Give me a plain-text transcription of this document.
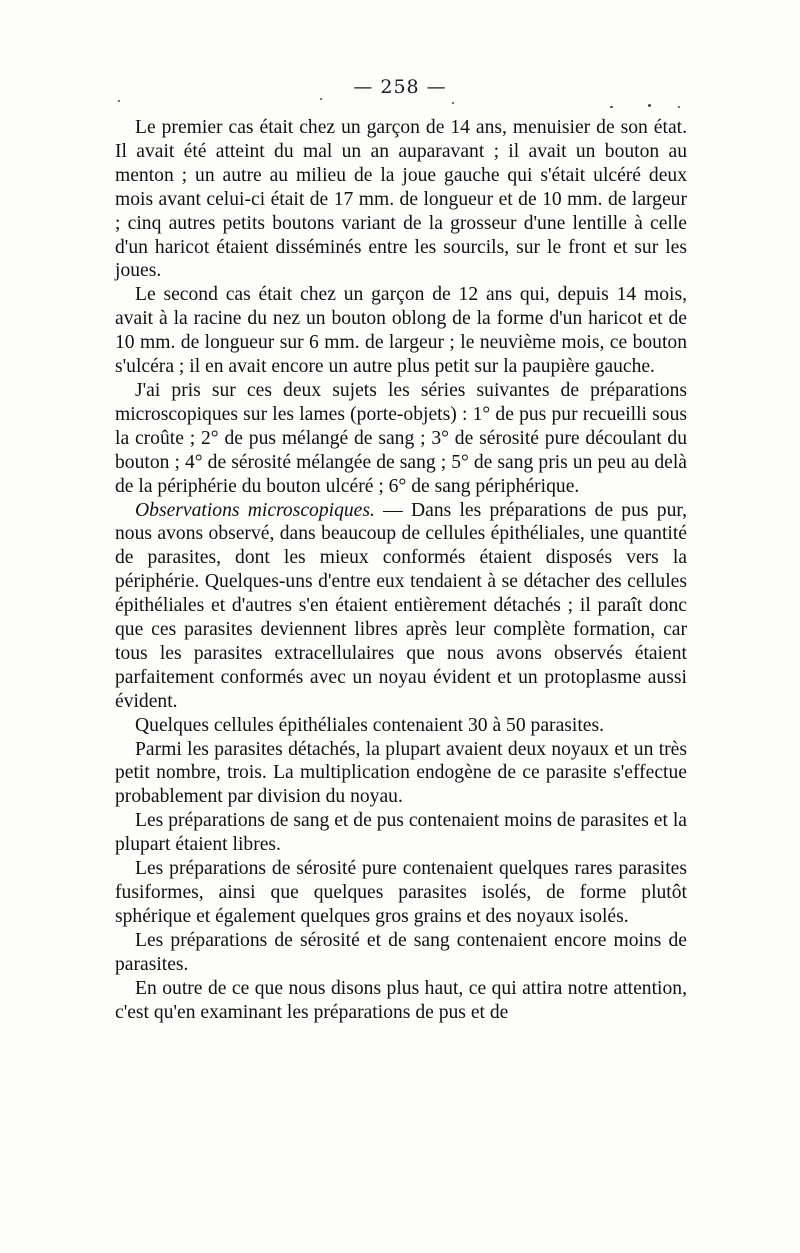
— 258 —

Le premier cas était chez un garçon de 14 ans, menuisier de son état. Il avait été atteint du mal un an auparavant ; il avait un bouton au menton ; un autre au milieu de la joue gauche qui s'était ulcéré deux mois avant celui-ci était de 17 mm. de longueur et de 10 mm. de largeur ; cinq autres petits boutons variant de la grosseur d'une lentille à celle d'un haricot étaient disséminés entre les sourcils, sur le front et sur les joues.

Le second cas était chez un garçon de 12 ans qui, depuis 14 mois, avait à la racine du nez un bouton oblong de la forme d'un haricot et de 10 mm. de longueur sur 6 mm. de largeur ; le neuvième mois, ce bouton s'ulcéra ; il en avait encore un autre plus petit sur la paupière gauche.

J'ai pris sur ces deux sujets les séries suivantes de préparations microscopiques sur les lames (porte-objets) : 1° de pus pur recueilli sous la croûte ; 2° de pus mélangé de sang ; 3° de sérosité pure découlant du bouton ; 4° de sérosité mélangée de sang ; 5° de sang pris un peu au delà de la périphérie du bouton ulcéré ; 6° de sang périphérique.

Observations microscopiques. — Dans les préparations de pus pur, nous avons observé, dans beaucoup de cellules épithéliales, une quantité de parasites, dont les mieux conformés étaient disposés vers la périphérie. Quelques-uns d'entre eux tendaient à se détacher des cellules épithéliales et d'autres s'en étaient entièrement détachés ; il paraît donc que ces parasites deviennent libres après leur complète formation, car tous les parasites extracellulaires que nous avons observés étaient parfaitement conformés avec un noyau évident et un protoplasme aussi évident.

Quelques cellules épithéliales contenaient 30 à 50 parasites.

Parmi les parasites détachés, la plupart avaient deux noyaux et un très petit nombre, trois. La multiplication endogène de ce parasite s'effectue probablement par division du noyau.

Les préparations de sang et de pus contenaient moins de parasites et la plupart étaient libres.

Les préparations de sérosité pure contenaient quelques rares parasites fusiformes, ainsi que quelques parasites isolés, de forme plutôt sphérique et également quelques gros grains et des noyaux isolés.

Les préparations de sérosité et de sang contenaient encore moins de parasites.

En outre de ce que nous disons plus haut, ce qui attira notre attention, c'est qu'en examinant les préparations de pus et de
